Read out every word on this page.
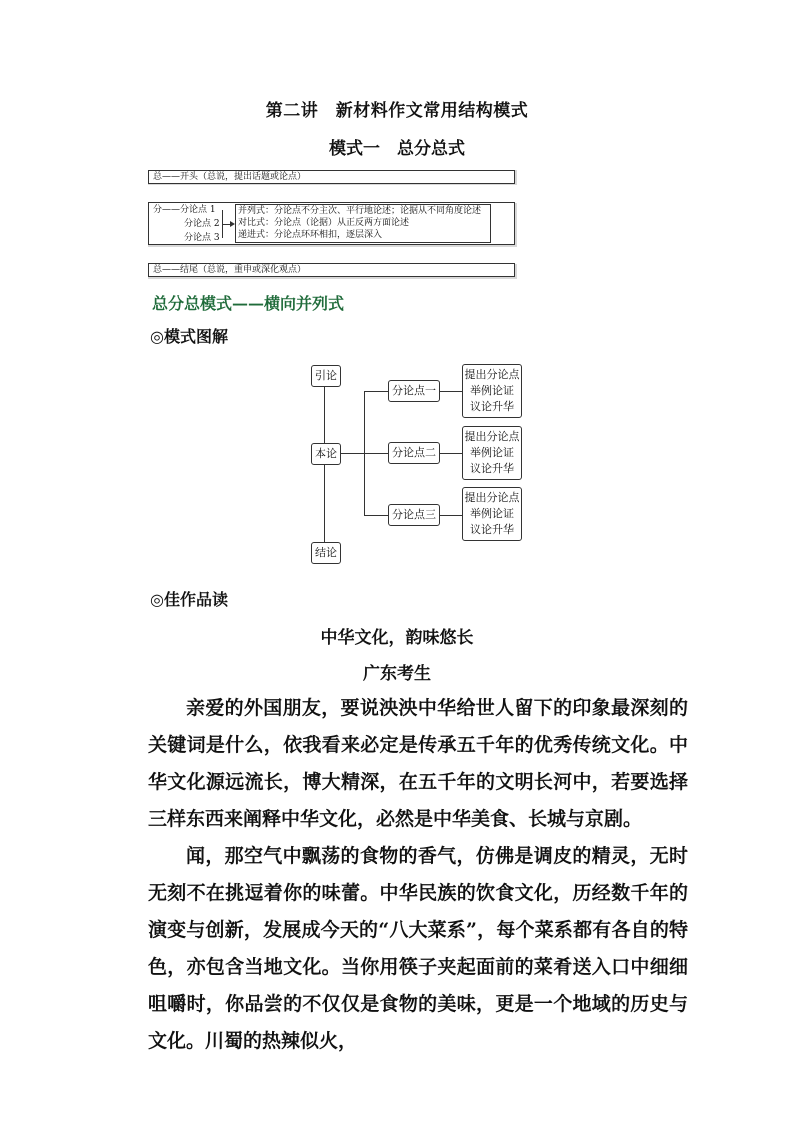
第二讲　新材料作文常用结构模式
模式一　总分总式
总——开头（总说，提出话题或论点）
分——分论点 1
分论点 2
分论点 3
并列式：分论点不分主次、平行地论述；论据从不同角度论述
对比式：分论点（论据）从正反两方面论述
递进式：分论点环环相扣，逐层深入
总——结尾（总说，重申或深化观点）
总分总模式——横向并列式
◎模式图解
引论
本论
结论
分论点一
分论点二
分论点三
提出分论点
举例论证
议论升华
提出分论点
举例论证
议论升华
提出分论点
举例论证
议论升华
◎佳作品读
中华文化，韵味悠长
广东考生
亲爱的外国朋友，要说泱泱中华给世人留下的印象最深刻的关键词是什么，依我看来必定是传承五千年的优秀传统文化。中华文化源远流长，博大精深，在五千年的文明长河中，若要选择三样东西来阐释中华文化，必然是中华美食、长城与京剧。
闻，那空气中飘荡的食物的香气，仿佛是调皮的精灵，无时无刻不在挑逗着你的味蕾。中华民族的饮食文化，历经数千年的演变与创新，发展成今天的“八大菜系”，每个菜系都有各自的特色，亦包含当地文化。当你用筷子夹起面前的菜肴送入口中细细咀嚼时，你品尝的不仅仅是食物的美味，更是一个地域的历史与文化。川蜀的热辣似火，
